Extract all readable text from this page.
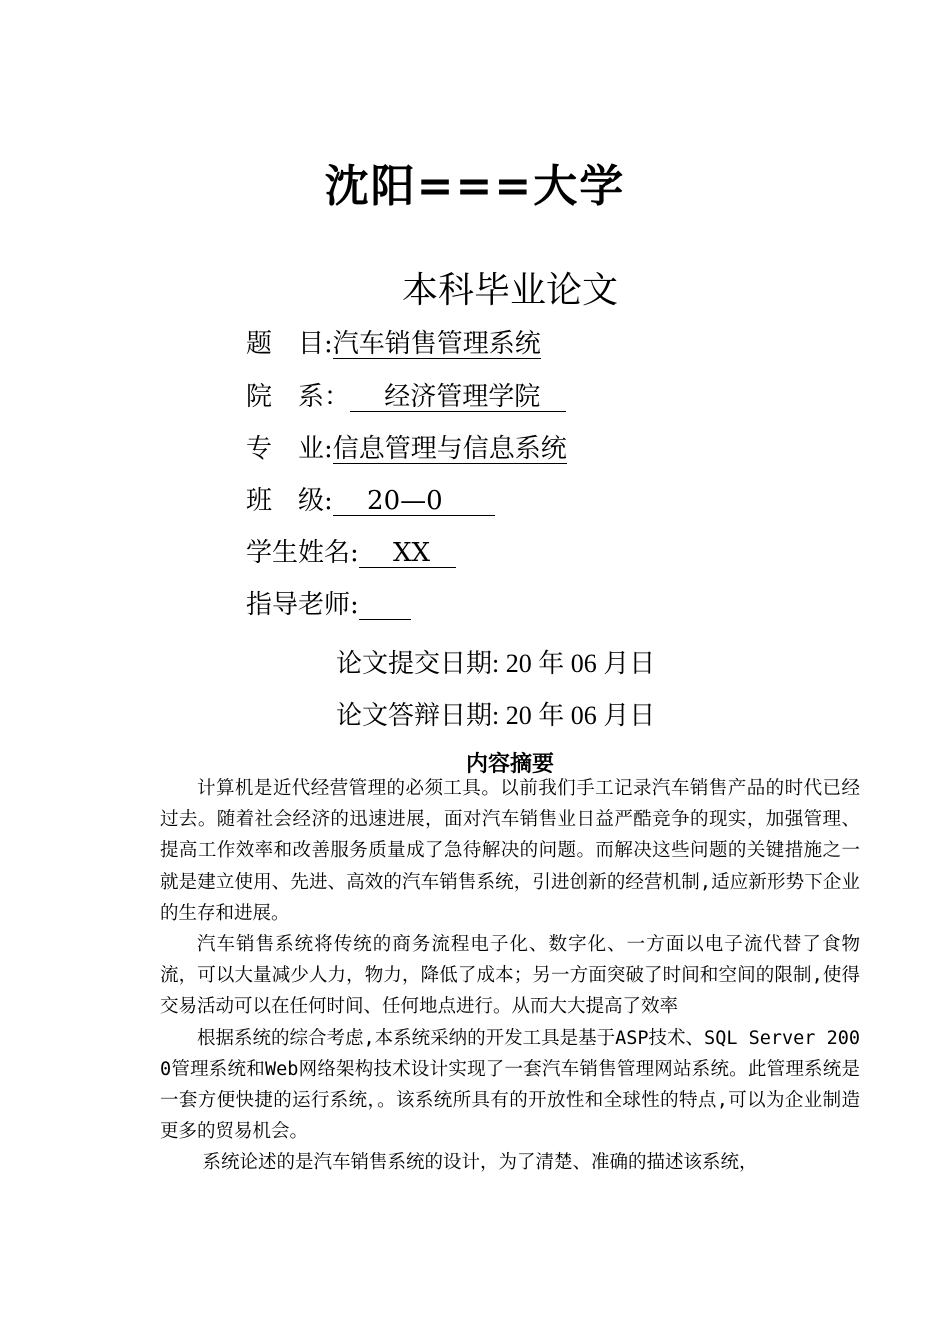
沈阳===大学
本科毕业论文
题　目:汽车销售管理系统
院　系：　 经济管理学院　
专　业:信息管理与信息系统
班　级:　 20—0　　
学生姓名:　 XX　
指导老师:　　
论文提交日期: 20 年 06 月日
论文答辩日期: 20 年 06 月日
内容摘要

计算机是近代经营管理的必须工具。以前我们手工记录汽车销售产品的时代已经过去。随着社会经济的迅速进展，面对汽车销售业日益严酷竞争的现实，加强管理、提高工作效率和改善服务质量成了急待解决的问题。而解决这些问题的关键措施之一就是建立使用、先进、高效的汽车销售系统，引进创新的经营机制,适应新形势下企业的生存和进展。

汽车销售系统将传统的商务流程电子化、数字化、一方面以电子流代替了食物流，可以大量减少人力，物力，降低了成本；另一方面突破了时间和空间的限制,使得交易活动可以在任何时间、任何地点进行。从而大大提高了效率

根据系统的综合考虑,本系统采纳的开发工具是基于ASP技术、SQL Server 2000管理系统和Web网络架构技术设计实现了一套汽车销售管理网站系统。此管理系统是一套方便快捷的运行系统，。该系统所具有的开放性和全球性的特点,可以为企业制造更多的贸易机会。

系统论述的是汽车销售系统的设计，为了清楚、准确的描述该系统，
